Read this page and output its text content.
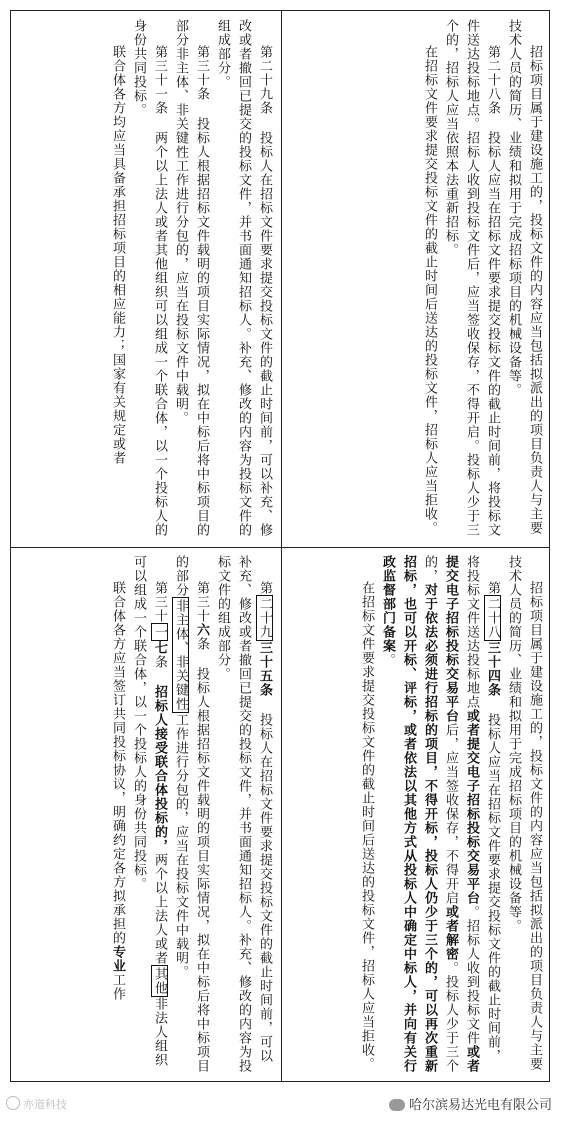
招标项目属于建设施工的，投标文件的内容应当包括拟派出的项目负责人与主要技术人员的简历、业绩和拟用于完成招标项目的机械设备等。

第二十八条 投标人应当在招标文件要求提交投标文件的截止时间前，将投标文件送达投标地点。招标人收到投标文件后，应当签收保存，不得开启。投标人少于三个的，招标人应当依照本法重新招标。

在招标文件要求提交投标文件的截止时间后送达的投标文件，招标人应当拒收。

第二十九条 投标人在招标文件要求提交投标文件的截止时间前，可以补充、修改或者撤回已提交的投标文件，并书面通知招标人。补充、修改的内容为投标文件的组成部分。

第三十条 投标人根据招标文件载明的项目实际情况，拟在中标后将中标项目的部分非主体、非关键性工作进行分包的，应当在投标文件中载明。

第三十一条 两个以上法人或者其他组织可以组成一个联合体，以一个投标人的身份共同投标。

联合体各方均应当具备承担招标项目的相应能力；国家有关规定或者

招标项目属于建设施工的，投标文件的内容应当包括拟派出的项目负责人与主要技术人员的简历、业绩和拟用于完成招标项目的机械设备等。

第二十八三十四条 投标人应当在招标文件要求提交投标文件的截止时间前，将投标文件送达投标地点或者提交电子招标投标交易平台。招标人收到投标文件或者提交电子招标投标交易平台后，应当签收保存，不得开启或者解密。投标人少于三个的，对于依法必须进行招标的项目，不得开标，投标人仍少于三个的，可以再次重新招标，也可以开标、评标，或者依法以其他方式从投标人中确定中标人，并向有关行政监督部门备案。

在招标文件要求提交投标文件的截止时间后送达的投标文件，招标人应当拒收。

第二十九三十五条 投标人在招标文件要求提交投标文件的截止时间前，可以补充、修改或者撤回已提交的投标文件，并书面通知招标人。补充、修改的内容为投标文件的组成部分。

第三十六条 投标人根据招标文件载明的项目实际情况，拟在中标后将中标项目的部分非主体、非关键性工作进行分包的，应当在投标文件中载明。

第三十一七条 招标人接受联合体投标的，两个以上法人或者其他非法人组织可以组成一个联合体，以一个投标人的身份共同投标。

联合体各方应当签订共同投标协议，明确约定各方拟承担的专业工作

亦道科技	哈尔滨易达光电有限公司
